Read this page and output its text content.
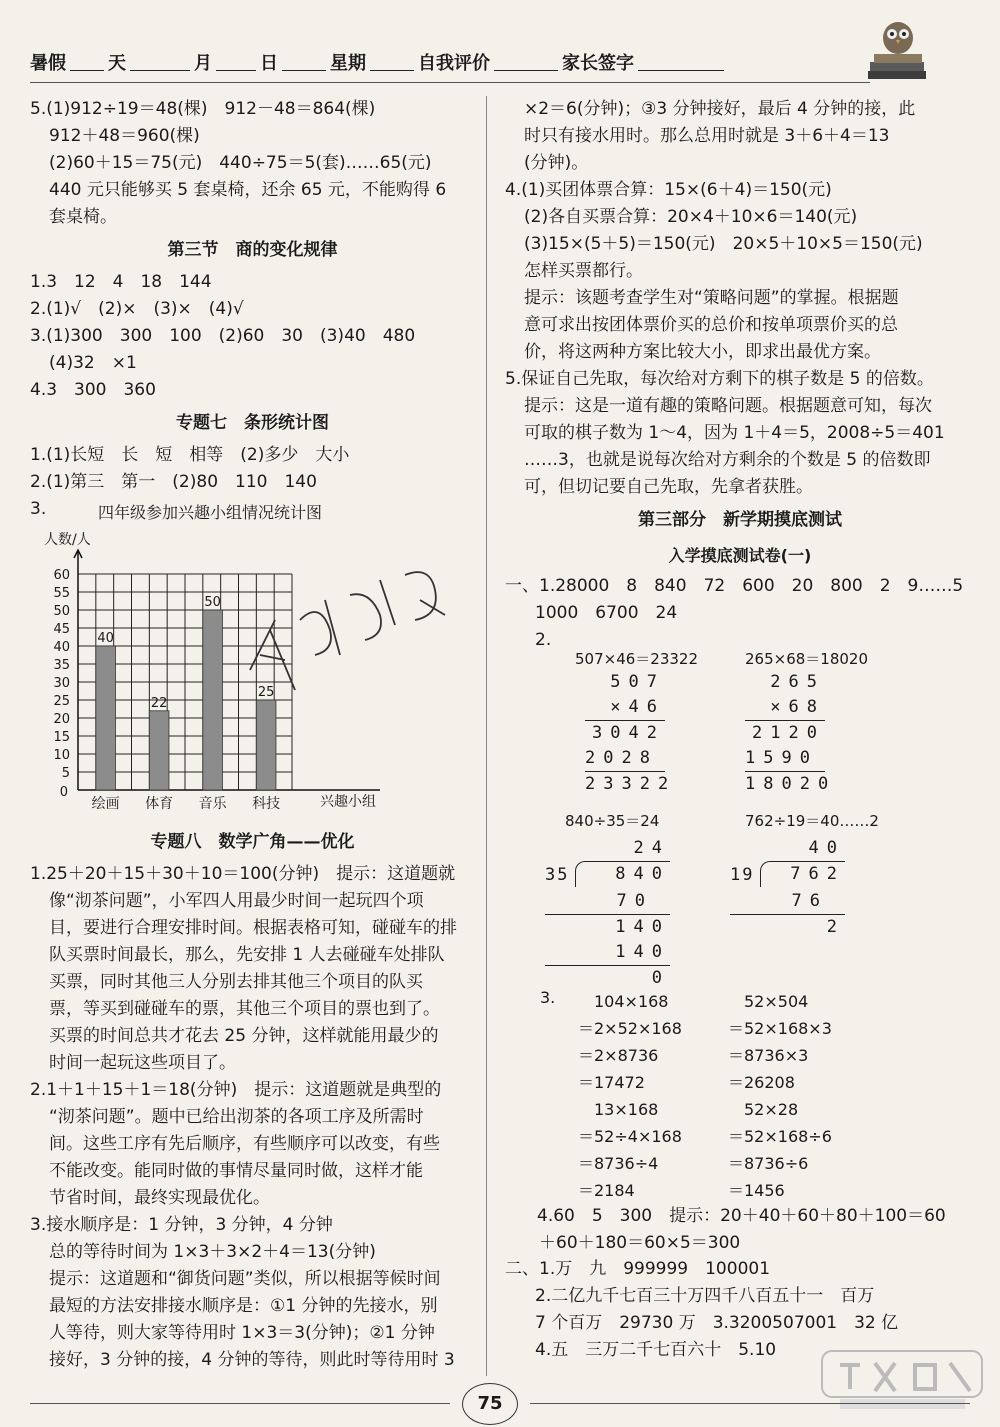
暑假 天	月	日	星期	自我评价	家长签字
5.(1)912÷19＝48(棵)　912－48＝864(棵)
912＋48＝960(棵)
(2)60＋15＝75(元)　440÷75＝5(套)……65(元)
440 元只能够买 5 套桌椅，还余 65 元，不能购得 6
套桌椅。
第三节　商的变化规律
1.3　12　4　18　144
2.(1)√　(2)×　(3)×　(4)√
3.(1)300　300　100　(2)60　30　(3)40　480
(4)32　×1
4.3　300　360
专题七　条形统计图
1.(1)长短　长　短　相等　(2)多少　大小
2.(1)第三　第一　(2)80　110　140
3.
专题八　数学广角——优化
1.25＋20＋15＋30＋10＝100(分钟)　提示：这道题就
像“沏茶问题”，小军四人用最少时间一起玩四个项
目，要进行合理安排时间。根据表格可知，碰碰车的排
队买票时间最长，那么，先安排 1 人去碰碰车处排队
买票，同时其他三人分别去排其他三个项目的队买
票，等买到碰碰车的票，其他三个项目的票也到了。
买票的时间总共才花去 25 分钟，这样就能用最少的
时间一起玩这些项目了。
2.1＋1＋15＋1＝18(分钟)　提示：这道题就是典型的
“沏茶问题”。题中已给出沏茶的各项工序及所需时
间。这些工序有先后顺序，有些顺序可以改变，有些
不能改变。能同时做的事情尽量同时做，这样才能
节省时间，最终实现最优化。
3.接水顺序是：1 分钟，3 分钟，4 分钟
总的等待时间为 1×3＋3×2＋4＝13(分钟)
提示：这道题和“御货问题”类似，所以根据等候时间
最短的方法安排接水顺序是：①1 分钟的先接水，别
人等待，则大家等待用时 1×3＝3(分钟)；②1 分钟
接好，3 分钟的接，4 分钟的等待，则此时等待用时 3
四年级参加兴趣小组情况统计图
人数/人
兴趣小组
0
5
10
15
20
25
30
35
40
45
50
55
60
40
绘画
22
体育
50
音乐
25
科技
×2＝6(分钟)；③3 分钟接好，最后 4 分钟的接，此
时只有接水用时。那么总用时就是 3＋6＋4＝13
(分钟)。
4.(1)买团体票合算：15×(6＋4)＝150(元)
(2)各自买票合算：20×4＋10×6＝140(元)
(3)15×(5＋5)＝150(元)　20×5＋10×5＝150(元)
怎样买票都行。
提示：该题考查学生对“策略问题”的掌握。根据题
意可求出按团体票价买的总价和按单项票价买的总
价，将这两种方案比较大小，即求出最优方案。
5.保证自己先取，每次给对方剩下的棋子数是 5 的倍数。
提示：这是一道有趣的策略问题。根据题意可知，每次
可取的棋子数为 1～4，因为 1＋4＝5，2008÷5＝401
……3，也就是说每次给对方剩余的个数是 5 的倍数即
可，但切记要自己先取，先拿者获胜。
第三部分　新学期摸底测试
入学摸底测试卷(一)
一、1.28000　8　840　72　600　20　800　2　9……5
1000　6700　24
2.
507×46＝23322	265×68＝18020
507
×46
3042
2028
23322
265
×68
2120
1590
18020
840÷35＝24	762÷19＝40……2
24
35	840
70
140
140
0
40
19	762
76
2
3.	104×168
＝2×52×168
＝2×8736
＝17472
13×168
＝52÷4×168
＝8736÷4
＝2184
52×504
＝52×168×3
＝8736×3
＝26208
52×28
＝52×168÷6
＝8736÷6
＝1456
4.60　5　300　提示：20＋40＋60＋80＋100＝60
＋60＋180＝60×5＝300
二、1.万　九　999999　100001
2.二亿九千七百三十万四千八百五十一　百万
7 个百万　29730 万　3.3200507001　32 亿
4.五　三万二千七百六十　5.10
75
